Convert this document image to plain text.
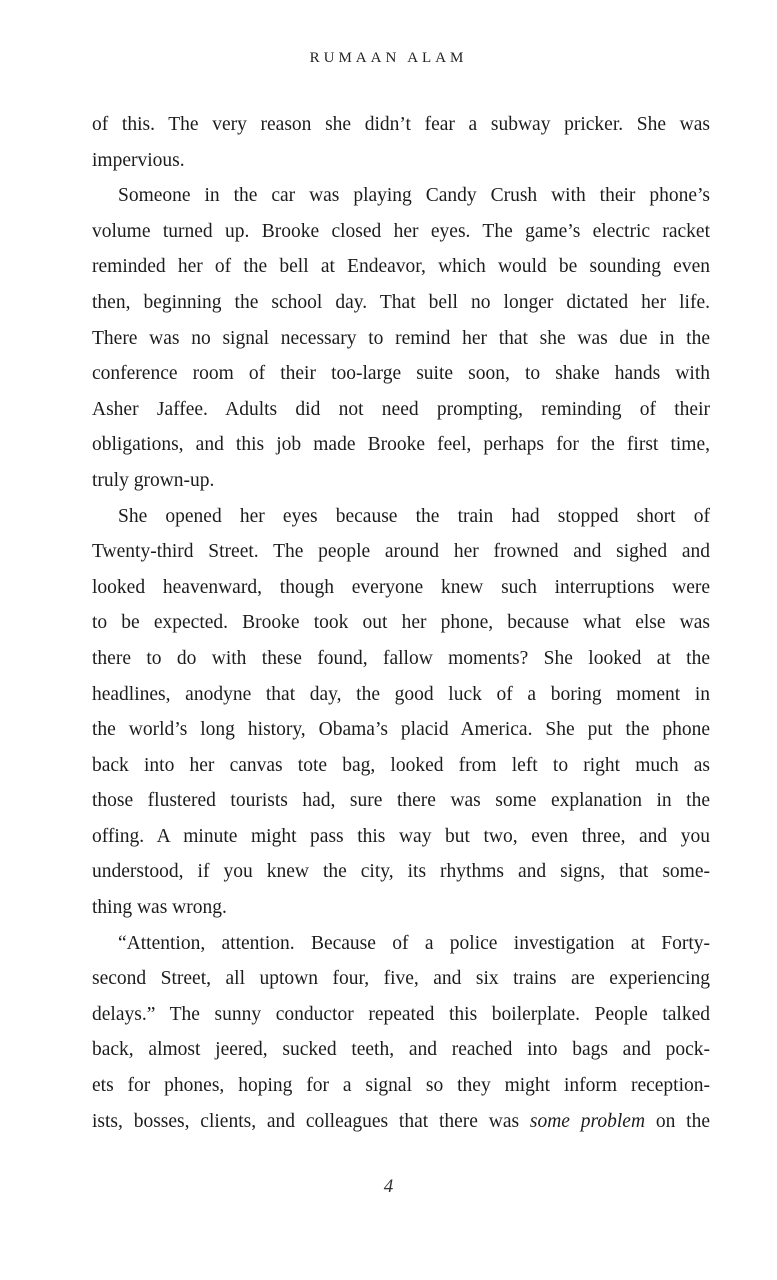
RUMAAN ALAM
of this. The very reason she didn’t fear a subway pricker. She was
impervious.
Someone in the car was playing Candy Crush with their phone’s
volume turned up. Brooke closed her eyes. The game’s electric racket
reminded her of the bell at Endeavor, which would be sounding even
then, beginning the school day. That bell no longer dictated her life.
There was no signal necessary to remind her that she was due in the
conference room of their too-large suite soon, to shake hands with
Asher Jaffee. Adults did not need prompting, reminding of their
obligations, and this job made Brooke feel, perhaps for the first time,
truly grown-up.
She opened her eyes because the train had stopped short of
Twenty-third Street. The people around her frowned and sighed and
looked heavenward, though everyone knew such interruptions were
to be expected. Brooke took out her phone, because what else was
there to do with these found, fallow moments? She looked at the
headlines, anodyne that day, the good luck of a boring moment in
the world’s long history, Obama’s placid America. She put the phone
back into her canvas tote bag, looked from left to right much as
those flustered tourists had, sure there was some explanation in the
offing. A minute might pass this way but two, even three, and you
understood, if you knew the city, its rhythms and signs, that some-
thing was wrong.
“Attention, attention. Because of a police investigation at Forty-
second Street, all uptown four, five, and six trains are experiencing
delays.” The sunny conductor repeated this boilerplate. People talked
back, almost jeered, sucked teeth, and reached into bags and pock-
ets for phones, hoping for a signal so they might inform reception-
ists, bosses, clients, and colleagues that there was some problem on the
4
